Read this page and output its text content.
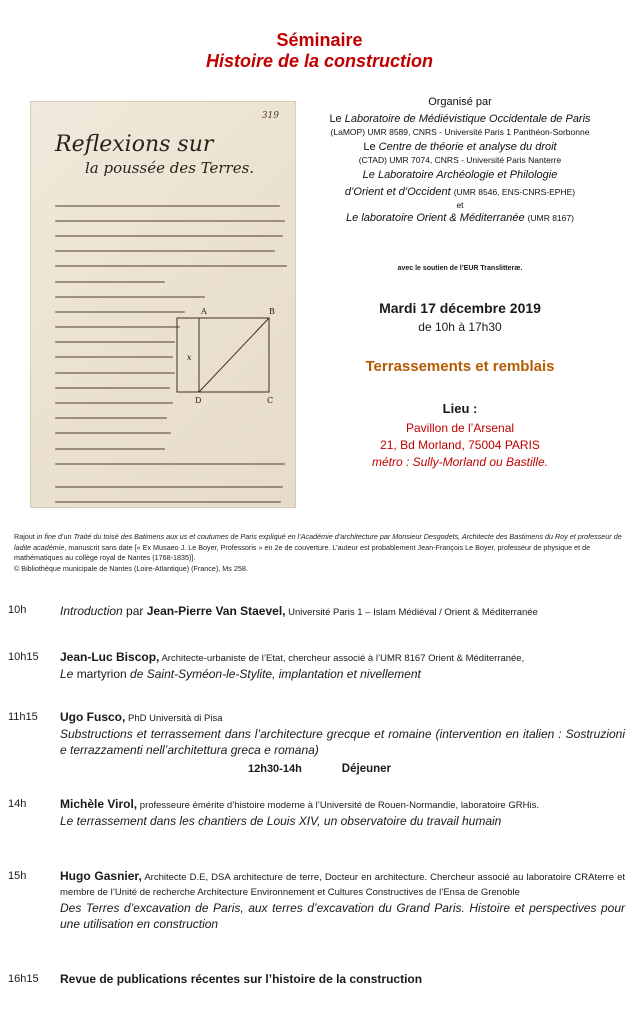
Séminaire
Histoire de la construction
319
Reflexions sur
la poussée des Terres.
A	B
x
D	C
Organisé par
Le Laboratoire de Médiévistique Occidentale de Paris
(LaMOP) UMR 8589, CNRS - Université Paris 1 Panthéon-Sorbonne
Le Centre de théorie et analyse du droit
(CTAD) UMR 7074, CNRS - Université Paris Nanterre
Le Laboratoire Archéologie et Philologie
d’Orient et d’Occident (UMR 8546, ENS-CNRS-EPHE)
et
Le laboratoire Orient & Méditerranée (UMR 8167)
avec le soutien de l’EUR Translitteræ.
Mardi 17 décembre 2019
de 10h à 17h30
Terrassements et remblais
Lieu :
Pavillon de l’Arsenal
21, Bd Morland, 75004 PARIS
métro : Sully-Morland ou Bastille.
Rajout in fine d’un Traité du toisé des Batimens aux us et coutumes de Paris expliqué en l’Académie d’architecture par Monsieur Desgodets, Architecte des Bastimens du Roy et professeur de ladite académie, manuscrit sans date [« Ex Musaeo J. Le Boyer, Professoris » en 2e de couverture. L’auteur est probablement Jean-François Le Boyer, professeur de physique et de mathématiques au collège royal de Nantes (1768-1835)].
© Bibliothèque municipale de Nantes (Loire-Atlantique) (France), Ms 258.
10h	Introduction par Jean-Pierre Van Staevel, Université Paris 1 – Islam Médiéval / Orient & Méditerranée
10h15 Jean-Luc Biscop, Architecte-urbaniste de l’Etat, chercheur associé à l’UMR 8167 Orient & Méditerranée,
Le martyrion de Saint-Syméon-le-Stylite, implantation et nivellement
11h15 Ugo Fusco, PhD Università di Pisa
Substructions et terrassement dans l’architecture grecque et romaine (intervention en italien : Sostruzioni e terrazzamenti nell’architettura greca e romana)
12h30-14h	Déjeuner
14h	Michèle Virol, professeure émérite d’histoire moderne à l’Université de Rouen-Normandie, laboratoire GRHis.
Le terrassement dans les chantiers de Louis XIV, un observatoire du travail humain
15h	Hugo Gasnier, Architecte D.E, DSA architecture de terre, Docteur en architecture. Chercheur associé au laboratoire CRAterre et membre de l’Unité de recherche Architecture Environnement et Cultures Constructives de l’Ensa de Grenoble
Des Terres d’excavation de Paris, aux terres d’excavation du Grand Paris. Histoire et perspectives pour une utilisation en construction
16h15 Revue de publications récentes sur l’histoire de la construction
